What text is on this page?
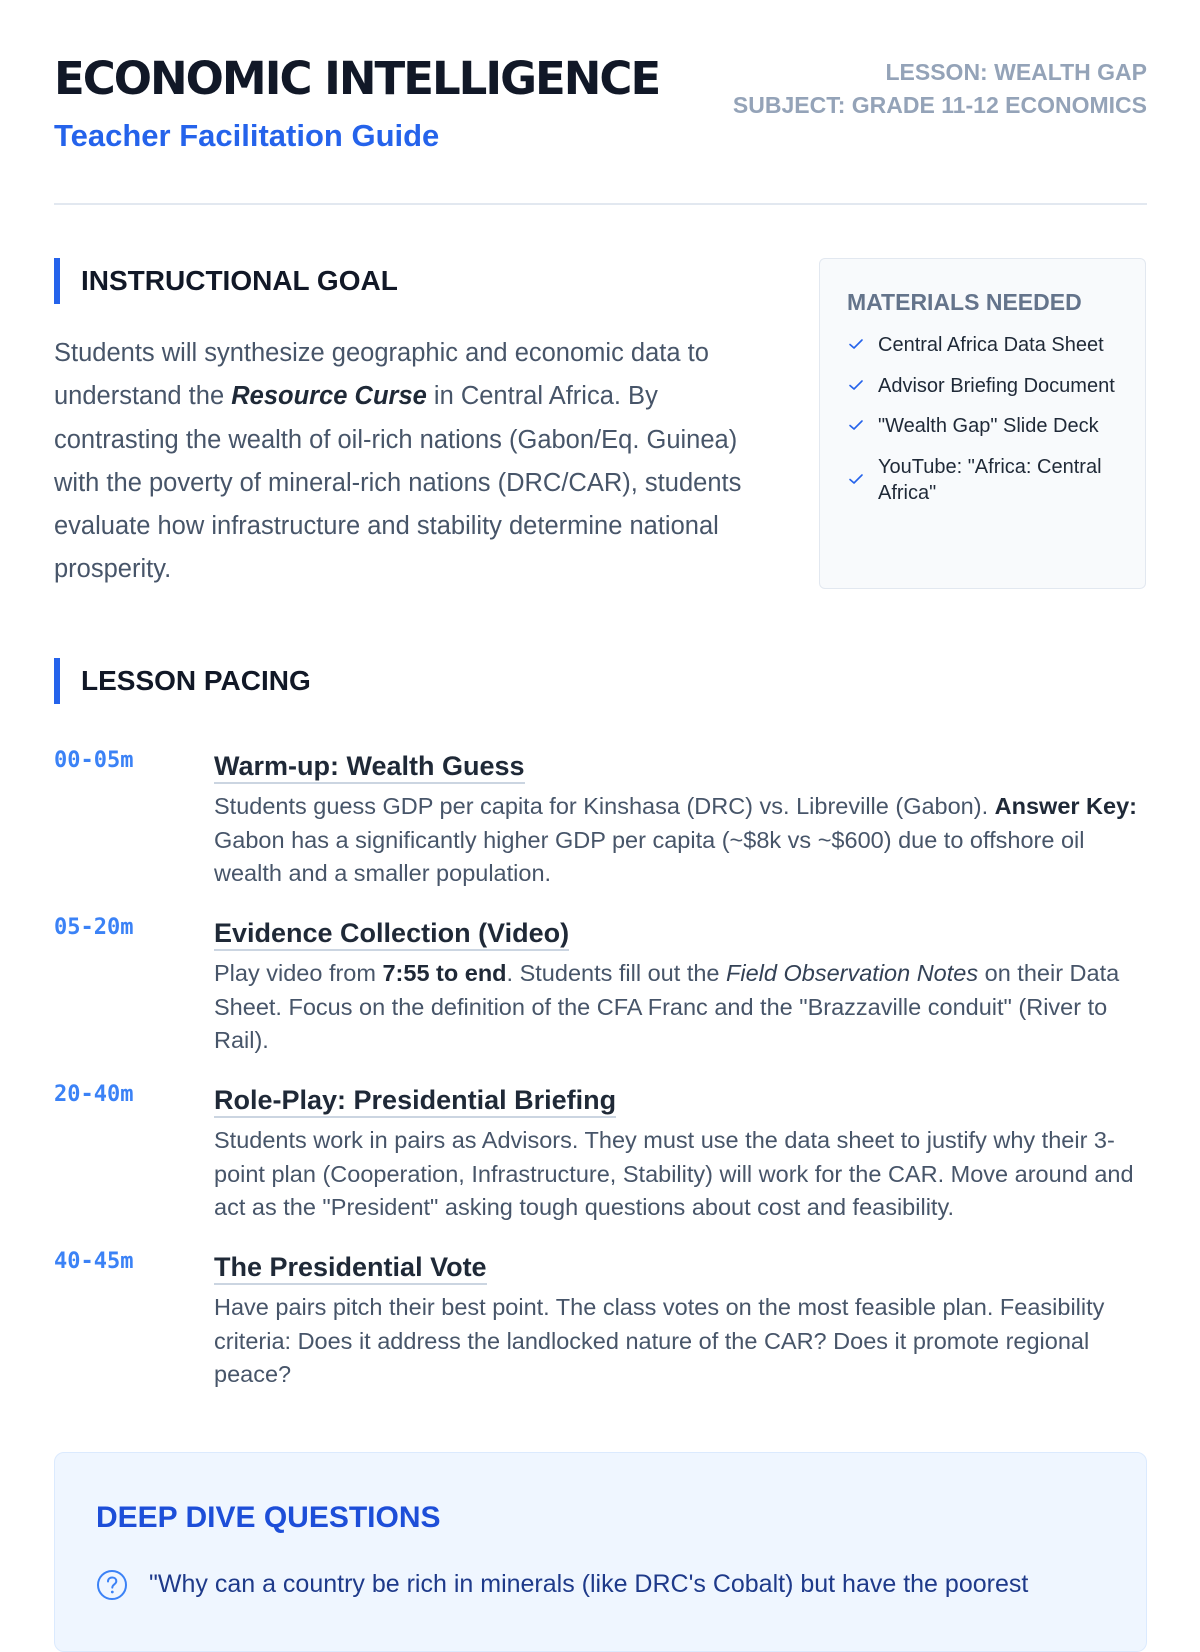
ECONOMIC INTELLIGENCE
Teacher Facilitation Guide
LESSON: WEALTH GAP
SUBJECT: GRADE 11-12 ECONOMICS
INSTRUCTIONAL GOAL

Students will synthesize geographic and economic data to understand the Resource Curse in Central Africa. By contrasting the wealth of oil-rich nations (Gabon/Eq. Guinea) with the poverty of mineral-rich nations (DRC/CAR), students evaluate how infrastructure and stability determine national prosperity.

MATERIALS NEEDED
Central Africa Data Sheet
Advisor Briefing Document
"Wealth Gap" Slide Deck
YouTube: "Africa: Central Africa"
LESSON PACING
00-05m	Warm-up: Wealth Guess
Students guess GDP per capita for Kinshasa (DRC) vs. Libreville (Gabon). Answer Key: Gabon has a significantly higher GDP per capita (~$8k vs ~$600) due to offshore oil wealth and a smaller population.
05-20m	Evidence Collection (Video)
Play video from 7:55 to end. Students fill out the Field Observation Notes on their Data Sheet. Focus on the definition of the CFA Franc and the "Brazzaville conduit" (River to Rail).
20-40m	Role-Play: Presidential Briefing
Students work in pairs as Advisors. They must use the data sheet to justify why their 3-point plan (Cooperation, Infrastructure, Stability) will work for the CAR. Move around and act as the "President" asking tough questions about cost and feasibility.
40-45m	The Presidential Vote
Have pairs pitch their best point. The class votes on the most feasible plan. Feasibility criteria: Does it address the landlocked nature of the CAR? Does it promote regional peace?
DEEP DIVE QUESTIONS
"Why can a country be rich in minerals (like DRC's Cobalt) but have the poorest
